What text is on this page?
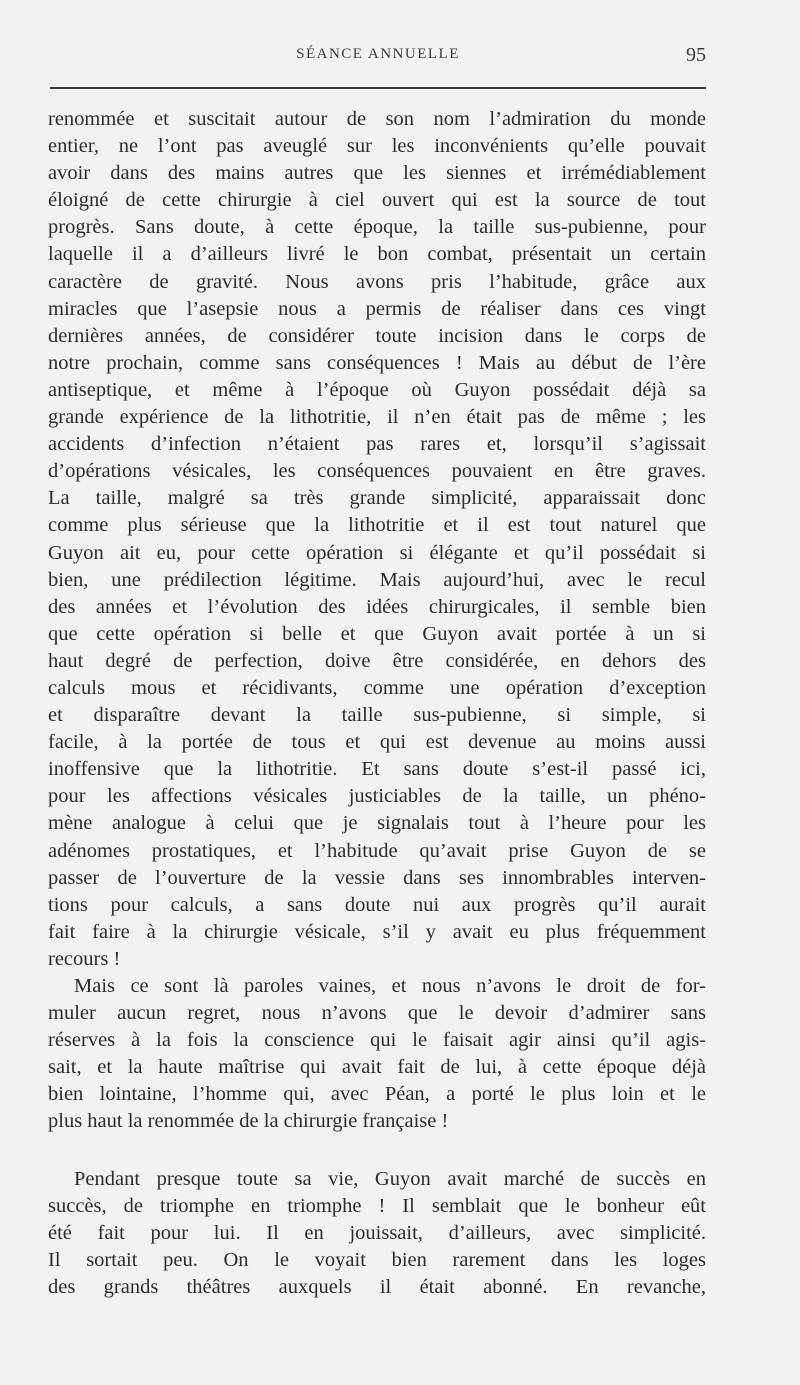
SÉANCE ANNUELLE	95
renommée et suscitait autour de son nom l’admiration du monde
entier, ne l’ont pas aveuglé sur les inconvénients qu’elle pouvait
avoir dans des mains autres que les siennes et irrémédiablement
éloigné de cette chirurgie à ciel ouvert qui est la source de tout
progrès. Sans doute, à cette époque, la taille sus-pubienne, pour
laquelle il a d’ailleurs livré le bon combat, présentait un certain
caractère de gravité. Nous avons pris l’habitude, grâce aux
miracles que l’asepsie nous a permis de réaliser dans ces vingt
dernières années, de considérer toute incision dans le corps de
notre prochain, comme sans conséquences ! Mais au début de l’ère
antiseptique, et même à l’époque où Guyon possédait déjà sa
grande expérience de la lithotritie, il n’en était pas de même ; les
accidents d’infection n’étaient pas rares et, lorsqu’il s’agissait
d’opérations vésicales, les conséquences pouvaient en être graves.
La taille, malgré sa très grande simplicité, apparaissait donc
comme plus sérieuse que la lithotritie et il est tout naturel que
Guyon ait eu, pour cette opération si élégante et qu’il possédait si
bien, une prédilection légitime. Mais aujourd’hui, avec le recul
des années et l’évolution des idées chirurgicales, il semble bien
que cette opération si belle et que Guyon avait portée à un si
haut degré de perfection, doive être considérée, en dehors des
calculs mous et récidivants, comme une opération d’exception
et disparaître devant la taille sus-pubienne, si simple, si
facile, à la portée de tous et qui est devenue au moins aussi
inoffensive que la lithotritie. Et sans doute s’est-il passé ici,
pour les affections vésicales justiciables de la taille, un phéno-
mène analogue à celui que je signalais tout à l’heure pour les
adénomes prostatiques, et l’habitude qu’avait prise Guyon de se
passer de l’ouverture de la vessie dans ses innombrables interven-
tions pour calculs, a sans doute nui aux progrès qu’il aurait
fait faire à la chirurgie vésicale, s’il y avait eu plus fréquemment
recours !
Mais ce sont là paroles vaines, et nous n’avons le droit de for-
muler aucun regret, nous n’avons que le devoir d’admirer sans
réserves à la fois la conscience qui le faisait agir ainsi qu’il agis-
sait, et la haute maîtrise qui avait fait de lui, à cette époque déjà
bien lointaine, l’homme qui, avec Péan, a porté le plus loin et le
plus haut la renommée de la chirurgie française !
Pendant presque toute sa vie, Guyon avait marché de succès en
succès, de triomphe en triomphe ! Il semblait que le bonheur eût
été fait pour lui. Il en jouissait, d’ailleurs, avec simplicité.
Il sortait peu. On le voyait bien rarement dans les loges
des grands théâtres auxquels il était abonné. En revanche,
